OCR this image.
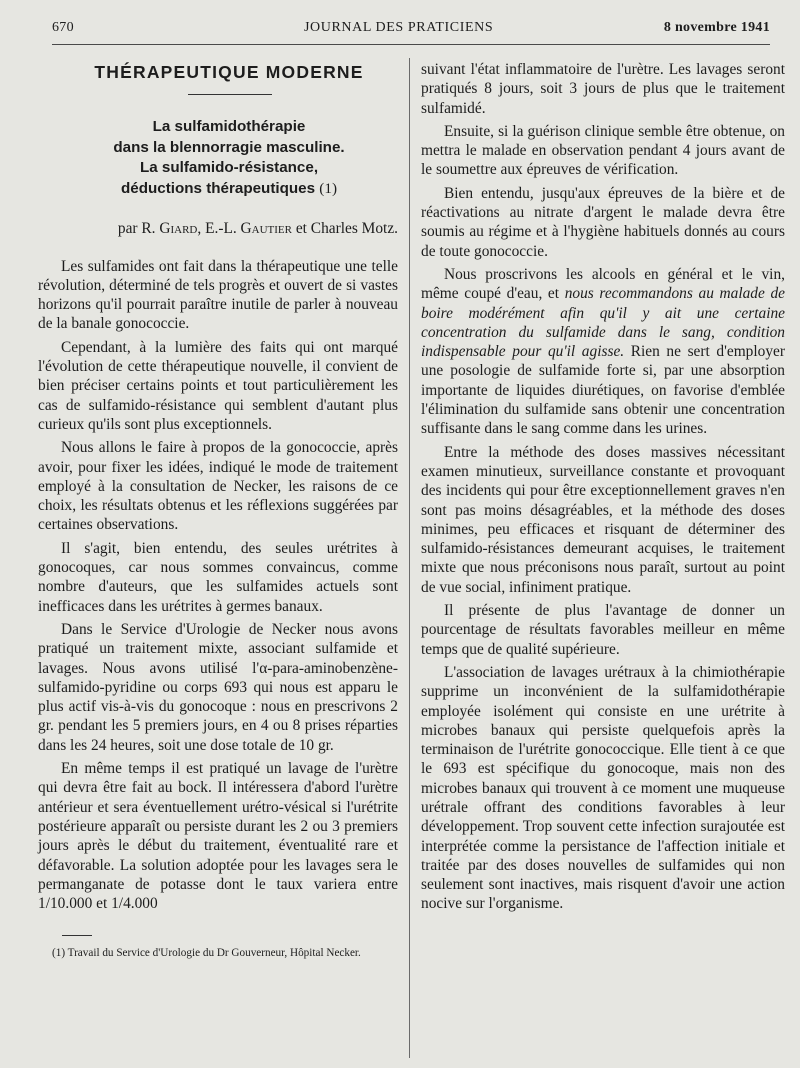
670	JOURNAL DES PRATICIENS	8 novembre 1941
THÉRAPEUTIQUE MODERNE
La sulfamidothérapie
dans la blennorragie masculine.
La sulfamido-résistance,
déductions thérapeutiques (1)
par R. Giard, E.-L. Gautier et Charles Motz.

Les sulfamides ont fait dans la thérapeutique une telle révolution, déterminé de tels progrès et ouvert de si vastes horizons qu'il pourrait paraître inutile de parler à nouveau de la banale gonococcie.

Cependant, à la lumière des faits qui ont marqué l'évolution de cette thérapeutique nouvelle, il convient de bien préciser certains points et tout particulièrement les cas de sulfamido-résistance qui semblent d'autant plus curieux qu'ils sont plus exceptionnels.

Nous allons le faire à propos de la gonococcie, après avoir, pour fixer les idées, indiqué le mode de traitement employé à la consultation de Necker, les raisons de ce choix, les résultats obtenus et les réflexions suggérées par certaines observations.

Il s'agit, bien entendu, des seules urétrites à gonocoques, car nous sommes convaincus, comme nombre d'auteurs, que les sulfamides actuels sont inefficaces dans les urétrites à germes banaux.

Dans le Service d'Urologie de Necker nous avons pratiqué un traitement mixte, associant sulfamide et lavages. Nous avons utilisé l'α-para-aminobenzène-sulfamido-pyridine ou corps 693 qui nous est apparu le plus actif vis-à-vis du gonocoque : nous en prescrivons 2 gr. pendant les 5 premiers jours, en 4 ou 8 prises réparties dans les 24 heures, soit une dose totale de 10 gr.

En même temps il est pratiqué un lavage de l'urètre qui devra être fait au bock. Il intéressera d'abord l'urètre antérieur et sera éventuellement urétro-vésical si l'urétrite postérieure apparaît ou persiste durant les 2 ou 3 premiers jours après le début du traitement, éventualité rare et défavorable. La solution adoptée pour les lavages sera le permanganate de potasse dont le taux variera entre 1/10.000 et 1/4.000

(1) Travail du Service d'Urologie du Dr Gouverneur, Hôpital Necker.

suivant l'état inflammatoire de l'urètre. Les lavages seront pratiqués 8 jours, soit 3 jours de plus que le traitement sulfamidé.

Ensuite, si la guérison clinique semble être obtenue, on mettra le malade en observation pendant 4 jours avant de le soumettre aux épreuves de vérification.

Bien entendu, jusqu'aux épreuves de la bière et de réactivations au nitrate d'argent le malade devra être soumis au régime et à l'hygiène habituels donnés au cours de toute gonococcie.

Nous proscrivons les alcools en général et le vin, même coupé d'eau, et nous recommandons au malade de boire modérément afin qu'il y ait une certaine concentration du sulfamide dans le sang, condition indispensable pour qu'il agisse. Rien ne sert d'employer une posologie de sulfamide forte si, par une absorption importante de liquides diurétiques, on favorise d'emblée l'élimination du sulfamide sans obtenir une concentration suffisante dans le sang comme dans les urines.

Entre la méthode des doses massives nécessitant examen minutieux, surveillance constante et provoquant des incidents qui pour être exceptionnellement graves n'en sont pas moins désagréables, et la méthode des doses minimes, peu efficaces et risquant de déterminer des sulfamido-résistances demeurant acquises, le traitement mixte que nous préconisons nous paraît, surtout au point de vue social, infiniment pratique.

Il présente de plus l'avantage de donner un pourcentage de résultats favorables meilleur en même temps que de qualité supérieure.

L'association de lavages urétraux à la chimiothérapie supprime un inconvénient de la sulfamidothérapie employée isolément qui consiste en une urétrite à microbes banaux qui persiste quelquefois après la terminaison de l'urétrite gonococcique. Elle tient à ce que le 693 est spécifique du gonocoque, mais non des microbes banaux qui trouvent à ce moment une muqueuse urétrale offrant des conditions favorables à leur développement. Trop souvent cette infection surajoutée est interprétée comme la persistance de l'affection initiale et traitée par des doses nouvelles de sulfamides qui non seulement sont inactives, mais risquent d'avoir une action nocive sur l'organisme.
